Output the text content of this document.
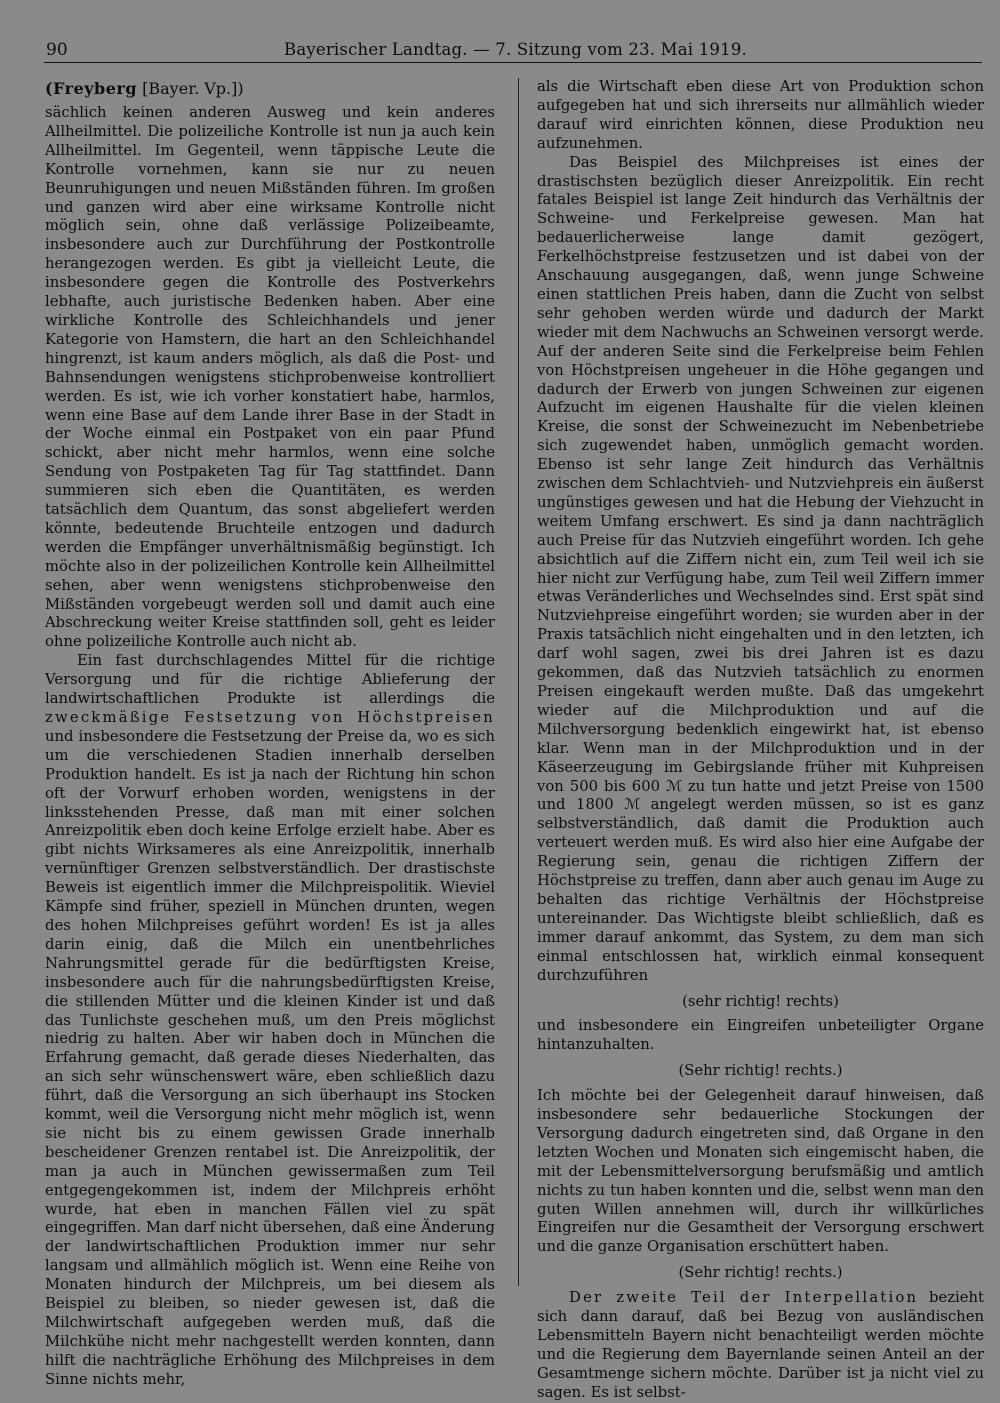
90	Bayerischer Landtag. — 7. Sitzung vom 23. Mai 1919.
(Freyberg [Bayer. Vp.])

sächlich keinen anderen Ausweg und kein anderes Allheilmittel. Die polizeiliche Kontrolle ist nun ja auch kein Allheilmittel. Im Gegenteil, wenn täppische Leute die Kontrolle vornehmen, kann sie nur zu neuen Beunruhigungen und neuen Mißständen führen. Im großen und ganzen wird aber eine wirksame Kontrolle nicht möglich sein, ohne daß verlässige Polizeibeamte, insbesondere auch zur Durchführung der Postkontrolle herangezogen werden. Es gibt ja vielleicht Leute, die insbesondere gegen die Kontrolle des Postverkehrs lebhafte, auch juristische Bedenken haben. Aber eine wirkliche Kontrolle des Schleichhandels und jener Kategorie von Hamstern, die hart an den Schleichhandel hingrenzt, ist kaum anders möglich, als daß die Post- und Bahnsendungen wenigstens stichprobenweise kontrolliert werden. Es ist, wie ich vorher konstatiert habe, harmlos, wenn eine Base auf dem Lande ihrer Base in der Stadt in der Woche einmal ein Postpaket von ein paar Pfund schickt, aber nicht mehr harmlos, wenn eine solche Sendung von Postpaketen Tag für Tag stattfindet. Dann summieren sich eben die Quantitäten, es werden tatsächlich dem Quantum, das sonst abgeliefert werden könnte, bedeutende Bruchteile entzogen und dadurch werden die Empfänger unverhältnismäßig begünstigt. Ich möchte also in der polizeilichen Kontrolle kein Allheilmittel sehen, aber wenn wenigstens stichprobenweise den Mißständen vorgebeugt werden soll und damit auch eine Abschreckung weiter Kreise stattfinden soll, geht es leider ohne polizeiliche Kontrolle auch nicht ab.

Ein fast durchschlagendes Mittel für die richtige Versorgung und für die richtige Ablieferung der landwirtschaftlichen Produkte ist allerdings die zweckmäßige Festsetzung von Höchstpreisen und insbesondere die Festsetzung der Preise da, wo es sich um die verschiedenen Stadien innerhalb derselben Produktion handelt. Es ist ja nach der Richtung hin schon oft der Vorwurf erhoben worden, wenigstens in der linksstehenden Presse, daß man mit einer solchen Anreizpolitik eben doch keine Erfolge erzielt habe. Aber es gibt nichts Wirksameres als eine Anreizpolitik, innerhalb vernünftiger Grenzen selbstverständlich. Der drastischste Beweis ist eigentlich immer die Milchpreispolitik. Wieviel Kämpfe sind früher, speziell in München drunten, wegen des hohen Milchpreises geführt worden! Es ist ja alles darin einig, daß die Milch ein unentbehrliches Nahrungsmittel gerade für die bedürftigsten Kreise, insbesondere auch für die nahrungsbedürftigsten Kreise, die stillenden Mütter und die kleinen Kinder ist und daß das Tunlichste geschehen muß, um den Preis möglichst niedrig zu halten. Aber wir haben doch in München die Erfahrung gemacht, daß gerade dieses Niederhalten, das an sich sehr wünschenswert wäre, eben schließlich dazu führt, daß die Versorgung an sich überhaupt ins Stocken kommt, weil die Versorgung nicht mehr möglich ist, wenn sie nicht bis zu einem gewissen Grade innerhalb bescheidener Grenzen rentabel ist. Die Anreizpolitik, der man ja auch in München gewissermaßen zum Teil entgegengekommen ist, indem der Milchpreis erhöht wurde, hat eben in manchen Fällen viel zu spät eingegriffen. Man darf nicht übersehen, daß eine Änderung der landwirtschaftlichen Produktion immer nur sehr langsam und allmählich möglich ist. Wenn eine Reihe von Monaten hindurch der Milchpreis, um bei diesem als Beispiel zu bleiben, so nieder gewesen ist, daß die Milchwirtschaft aufgegeben werden muß, daß die Milchkühe nicht mehr nachgestellt werden konnten, dann hilft die nachträgliche Erhöhung des Milchpreises in dem Sinne nichts mehr,

als die Wirtschaft eben diese Art von Produktion schon aufgegeben hat und sich ihrerseits nur allmählich wieder darauf wird einrichten können, diese Produktion neu aufzunehmen.

Das Beispiel des Milchpreises ist eines der drastischsten bezüglich dieser Anreizpolitik. Ein recht fatales Beispiel ist lange Zeit hindurch das Verhältnis der Schweine- und Ferkelpreise gewesen. Man hat bedauerlicherweise lange damit gezögert, Ferkelhöchstpreise festzusetzen und ist dabei von der Anschauung ausgegangen, daß, wenn junge Schweine einen stattlichen Preis haben, dann die Zucht von selbst sehr gehoben werden würde und dadurch der Markt wieder mit dem Nachwuchs an Schweinen versorgt werde. Auf der anderen Seite sind die Ferkelpreise beim Fehlen von Höchstpreisen ungeheuer in die Höhe gegangen und dadurch der Erwerb von jungen Schweinen zur eigenen Aufzucht im eigenen Haushalte für die vielen kleinen Kreise, die sonst der Schweinezucht im Nebenbetriebe sich zugewendet haben, unmöglich gemacht worden. Ebenso ist sehr lange Zeit hindurch das Verhältnis zwischen dem Schlachtvieh- und Nutzviehpreis ein äußerst ungünstiges gewesen und hat die Hebung der Viehzucht in weitem Umfang erschwert. Es sind ja dann nachträglich auch Preise für das Nutzvieh eingeführt worden. Ich gehe absichtlich auf die Ziffern nicht ein, zum Teil weil ich sie hier nicht zur Verfügung habe, zum Teil weil Ziffern immer etwas Veränderliches und Wechselndes sind. Erst spät sind Nutzviehpreise eingeführt worden; sie wurden aber in der Praxis tatsächlich nicht eingehalten und in den letzten, ich darf wohl sagen, zwei bis drei Jahren ist es dazu gekommen, daß das Nutzvieh tatsächlich zu enormen Preisen eingekauft werden mußte. Daß das umgekehrt wieder auf die Milchproduktion und auf die Milchversorgung bedenklich eingewirkt hat, ist ebenso klar. Wenn man in der Milchproduktion und in der Käseerzeugung im Gebirgslande früher mit Kuhpreisen von 500 bis 600 ℳ zu tun hatte und jetzt Preise von 1500 und 1800 ℳ angelegt werden müssen, so ist es ganz selbstverständlich, daß damit die Produktion auch verteuert werden muß. Es wird also hier eine Aufgabe der Regierung sein, genau die richtigen Ziffern der Höchstpreise zu treffen, dann aber auch genau im Auge zu behalten das richtige Verhältnis der Höchstpreise untereinander. Das Wichtigste bleibt schließlich, daß es immer darauf ankommt, das System, zu dem man sich einmal entschlossen hat, wirklich einmal konsequent durchzuführen

(sehr richtig! rechts)

und insbesondere ein Eingreifen unbeteiligter Organe hintanzuhalten.

(Sehr richtig! rechts.)

Ich möchte bei der Gelegenheit darauf hinweisen, daß insbesondere sehr bedauerliche Stockungen der Versorgung dadurch eingetreten sind, daß Organe in den letzten Wochen und Monaten sich eingemischt haben, die mit der Lebensmittelversorgung berufsmäßig und amtlich nichts zu tun haben konnten und die, selbst wenn man den guten Willen annehmen will, durch ihr willkürliches Eingreifen nur die Gesamtheit der Versorgung erschwert und die ganze Organisation erschüttert haben.

(Sehr richtig! rechts.)

Der zweite Teil der Interpellation bezieht sich dann darauf, daß bei Bezug von ausländischen Lebensmitteln Bayern nicht benachteiligt werden möchte und die Regierung dem Bayernlande seinen Anteil an der Gesamtmenge sichern möchte. Darüber ist ja nicht viel zu sagen. Es ist selbst-
